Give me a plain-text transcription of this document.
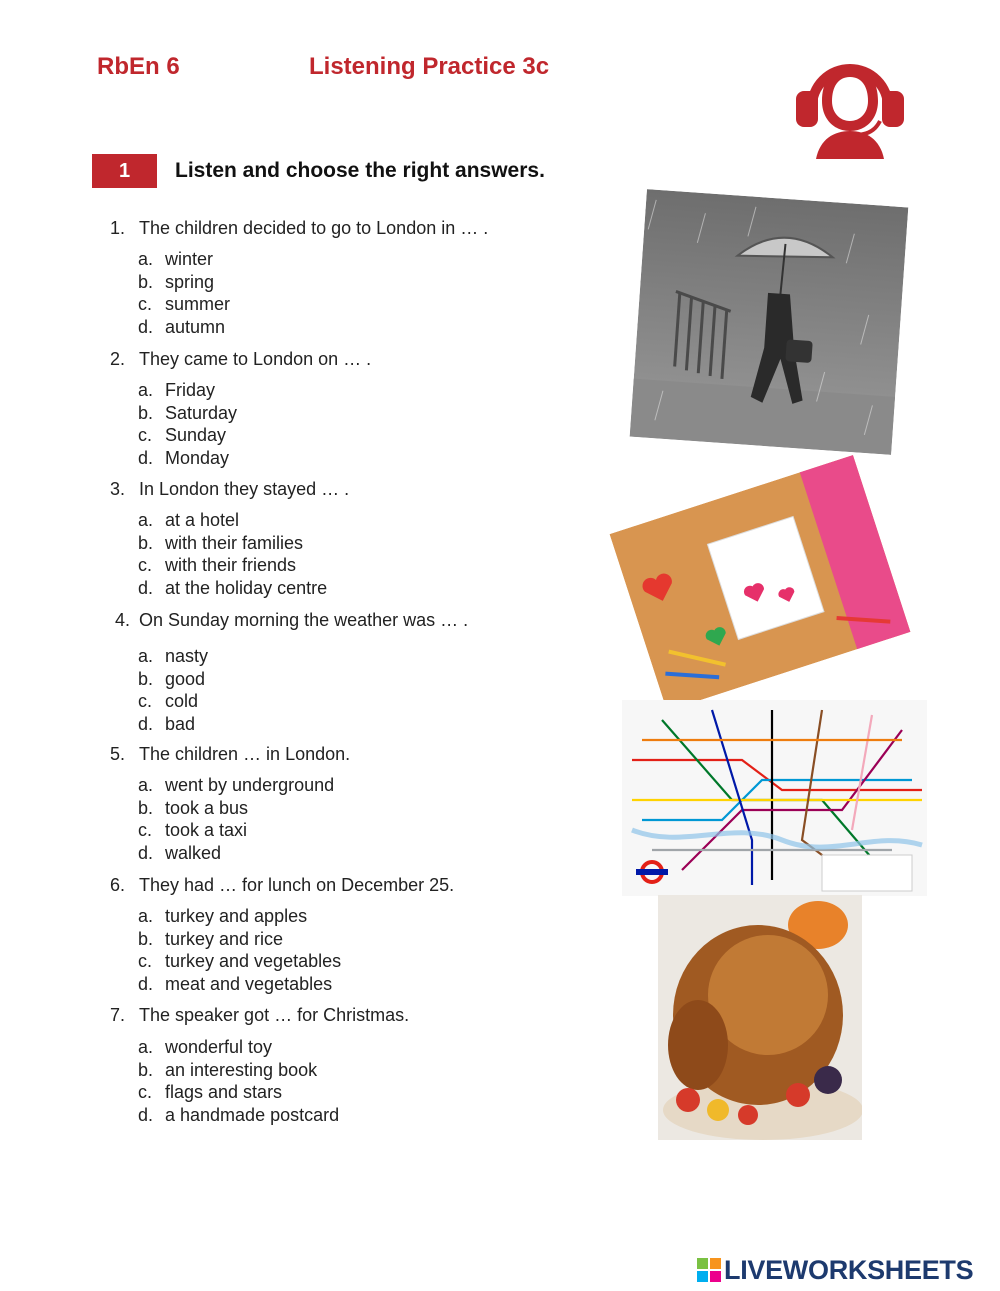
RbEn 6	Listening Practice 3c
1	Listen and choose the right answers.
1. The children decided to go to London in … .
a. winter
b. spring
c. summer
d. autumn
2. They came to London on … .
a. Friday
b. Saturday
c. Sunday
d. Monday
3. In London they stayed … .
a. at a hotel
b. with their families
c. with their friends
d. at the holiday centre
4. On Sunday morning the weather was … .
a. nasty
b. good
c. cold
d. bad
5. The children … in London.
a. went by underground
b. took a bus
c. took a taxi
d. walked
6. They had … for lunch on December 25.
a. turkey and apples
b. turkey and rice
c. turkey and vegetables
d. meat and vegetables
7. The speaker got … for Christmas.
a. wonderful toy
b. an interesting book
c. flags and stars
d. a handmade postcard
LIVEWORKSHEETS
